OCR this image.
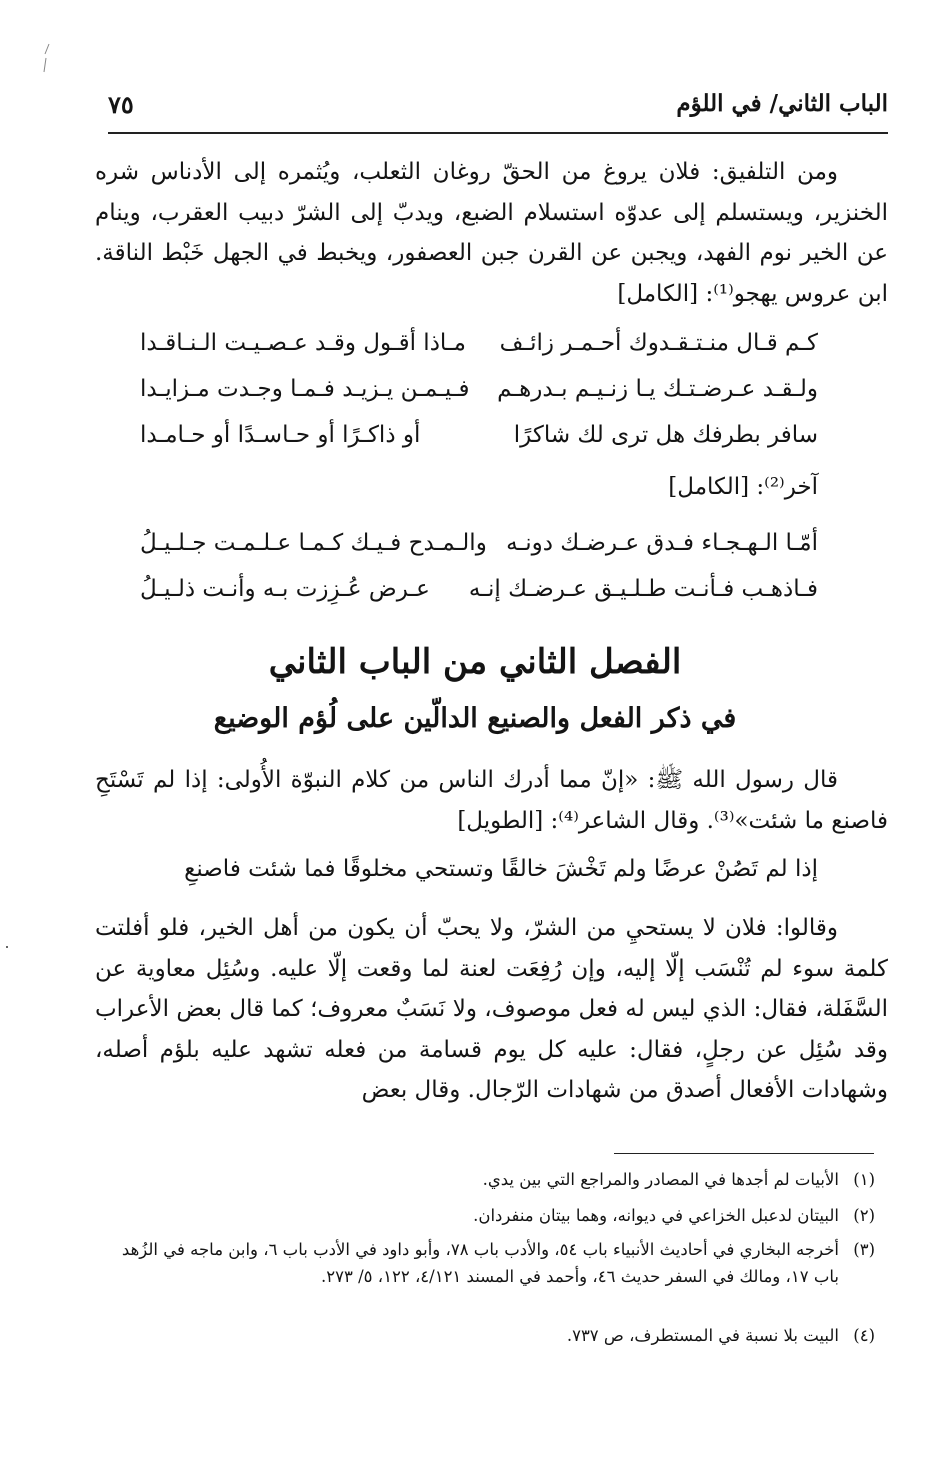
الباب الثاني/ في اللؤم
٧٥
ومن التلفيق: فلان يروغ من الحقّ روغان الثعلب، ويُثمره إلى الأدناس شره الخنزير، ويستسلم إلى عدوّه استسلام الضبع، ويدبّ إلى الشرّ دبيب العقرب، وينام عن الخير نوم الفهد، ويجبن عن القرن جبن العصفور، ويخبط في الجهل خَبْط الناقة. ابن عروس يهجو⁽¹⁾: [الكامل]
كـم قـال منـتـقـدوك أحـمـر زائـف
مـاذا أقـول وقـد عـصـيـت الـنـاقـدا
ولـقـد عـرضـتـك يـا زنـيـم بـدرهـم
فـيـمـن يـزيـد فـمـا وجـدت مـزايـدا
سافر بطرفك هل ترى لك شاكرًا
أو ذاكـرًا أو حـاسـدًا أو حـامـدا
آخر⁽²⁾: [الكامل]
أمّـا الـهـجـاء فـدق عـرضـك دونـه
والـمـدح فـيـك كـمـا عـلـمـت جـلـيـلُ
فـاذهـب فـأنـت طـلـيـق عـرضـك إنـه
عـرض عُـزِزت بـه وأنـت ذلـيـلُ
الفصل الثاني من الباب الثاني
في ذكر الفعل والصنيع الدالّين على لُؤم الوضيع
قال رسول الله ﷺ: «إنّ مما أدرك الناس من كلام النبوّة الأُولى: إذا لم تَسْتَحِ فاصنع ما شئت»⁽³⁾. وقال الشاعر⁽⁴⁾: [الطويل]
إذا لم تَصُنْ عرضًا ولم تَخْشَ خالقًا وتستحي مخلوقًا فما شئت فاصنعِ
وقالوا: فلان لا يستحيِ من الشرّ، ولا يحبّ أن يكون من أهل الخير، فلو أفلتت كلمة سوء لم تُنْسَب إلّا إليه، وإن رُفِعَت لعنة لما وقعت إلّا عليه. وسُئِل معاوية عن السَّفَلة، فقال: الذي ليس له فعل موصوف، ولا نَسَبٌ معروف؛ كما قال بعض الأعراب وقد سُئِل عن رجلٍ، فقال: عليه كل يوم قسامة من فعله تشهد عليه بلؤم أصله، وشهادات الأفعال أصدق من شهادات الرّجال. وقال بعض
(١)الأبيات لم أجدها في المصادر والمراجع التي بين يدي.
(٢)البيتان لدعبل الخزاعي في ديوانه، وهما بيتان منفردان.
(٣)
أخرجه البخاري في أحاديث الأنبياء باب ٥٤، والأدب باب ٧٨، وأبو داود في الأدب باب ٦، وابن ماجه في الزُهد باب ١٧، ومالك في السفر حديث ٤٦، وأحمد في المسند ٤/١٢١، ١٢٢، ٥/ ٢٧٣.
(٤)البيت بلا نسبة في المستطرف، ص ٧٣٧.
